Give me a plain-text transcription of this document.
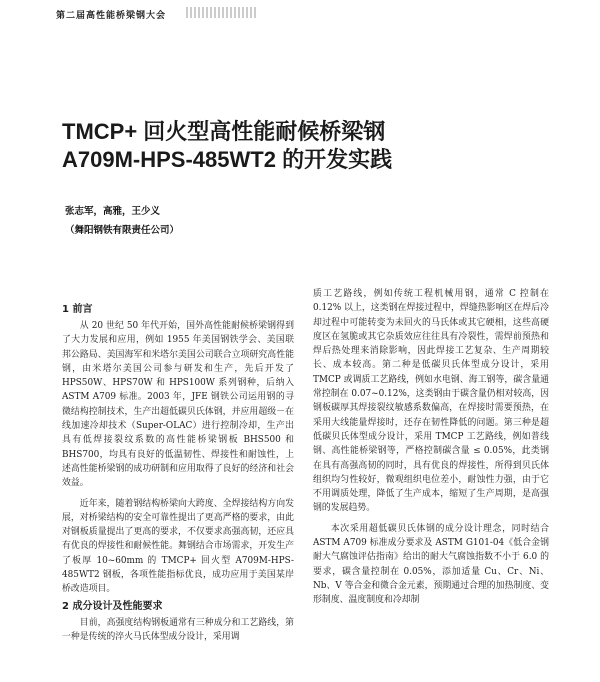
第二届高性能桥梁钢大会
TMCP+ 回火型高性能耐候桥梁钢
A709M-HPS-485WT2 的开发实践
张志军，高雅，王少义
（舞阳钢铁有限责任公司）
1 前言

从 20 世纪 50 年代开始，国外高性能耐候桥梁钢得到了大力发展和应用，例如 1955 年美国钢铁学会、美国联邦公路局、美国海军和米塔尔美国公司联合立项研究高性能钢，由米塔尔美国公司参与研发和生产，先后开发了 HPS50W、HPS70W 和 HPS100W 系列钢种，后纳入 ASTM A709 标准。2003 年，JFE 钢铁公司运用钢的寻微结构控制技术，生产出超低碳贝氏体钢，并应用超级－在线加速冷却技术（Super-OLAC）进行控制冷却，生产出具有低焊接裂纹系数的高性能桥梁钢板 BHS500 和 BHS700，均具有良好的低温韧性、焊接性和耐蚀性，上述高性能桥梁钢的成功研制和应用取得了良好的经济和社会效益。

近年来，随着钢结构桥梁向大跨度、全焊接结构方向发展，对桥梁结构的安全可靠性提出了更高严格的要求，由此对钢板质量提出了更高的要求，不仅要求高强高韧，还应具有优良的焊接性和耐候性能。舞钢结合市场需求，开发生产了板厚 10~60mm 的 TMCP+ 回火型 A709M-HPS-485WT2 钢板，各项性能指标优良，成功应用于美国某岸桥改造项目。

2 成分设计及性能要求

目前，高强度结构钢板通常有三种成分和工艺路线，第一种是传统的淬火马氏体型成分设计，采用调

质工艺路线，例如传统工程机械用钢，通常 C 控制在 0.12% 以上，这类钢在焊接过程中，焊缝热影响区在焊后冷却过程中可能转变为未回火的马氏体或其它硬相，这些高硬度区在氢脆或其它杂质效应往往具有冷裂性，需焊前预热和焊后热处理来消除影响，因此焊接工艺复杂、生产周期较长、成本较高。第二种是低碳贝氏体型成分设计，采用 TMCP 或调质工艺路线，例如水电钢、海工钢等，碳含量通常控制在 0.07~0.12%，这类钢由于碳含量仍相对较高，因钢板碳厚其焊接裂纹敏感系数偏高，在焊接时需要预热，在采用大线能量焊接时，还存在韧性降低的问题。第三种是超低碳贝氏体型成分设计，采用 TMCP 工艺路线，例如普线钢、高性能桥梁钢等，严格控制碳含量 ≤ 0.05%，此类钢在具有高强高韧的同时，具有优良的焊接性，所得到贝氏体组织均匀性较好，微观组织电位差小，耐蚀性力强，由于它不用调质处理，降低了生产成本，缩短了生产周期，是高强钢的发展趋势。

本次采用超低碳贝氏体钢的成分设计理念，同时结合 ASTM A709 标准成分要求及 ASTM G101-04《低合金钢耐大气腐蚀评估指南》给出的耐大气腐蚀指数不小于 6.0 的要求，碳含量控制在 0.05%，添加适量 Cu、Cr、Ni、Nb、V 等合金和微合金元素，预期通过合理的加热制度、变形制度、温度制度和冷却制
